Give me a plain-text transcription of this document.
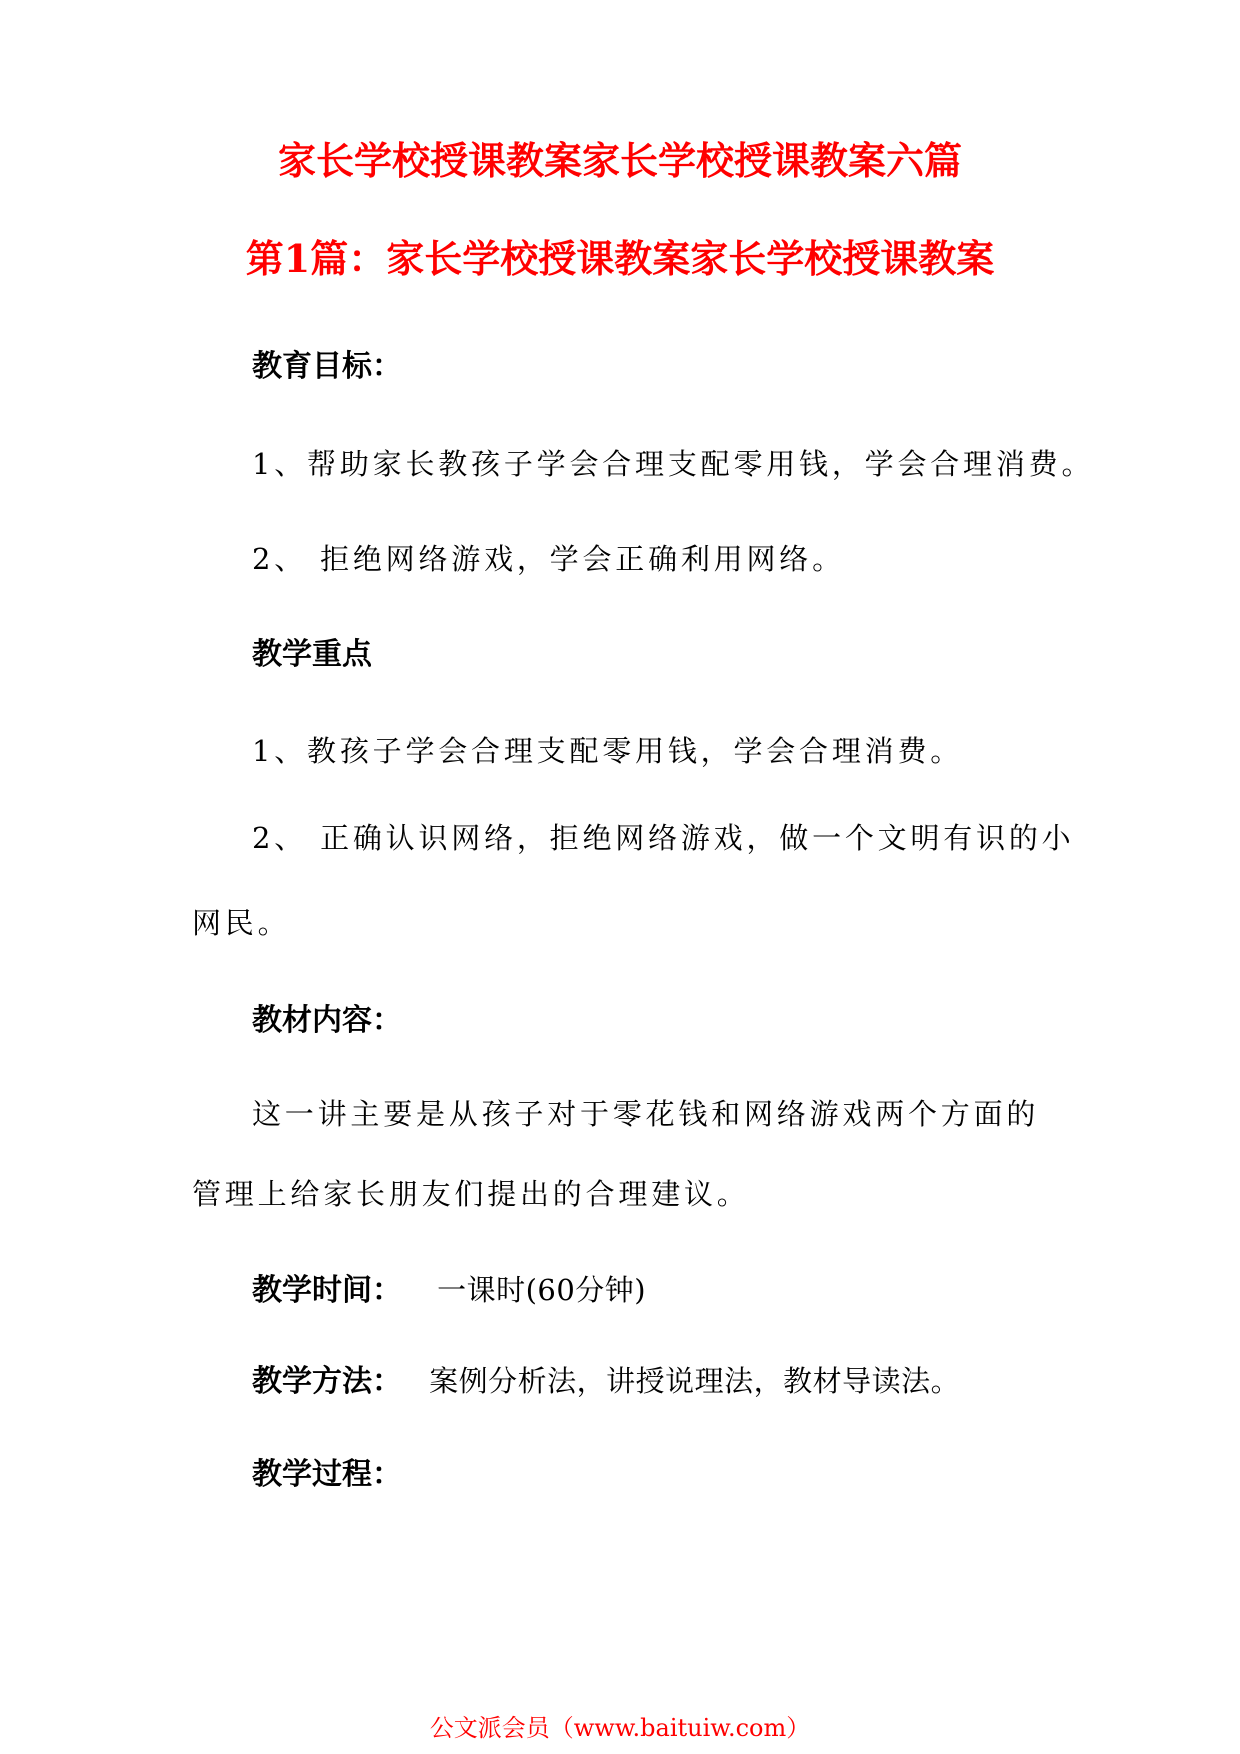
家长学校授课教案家长学校授课教案六篇
第1篇：家长学校授课教案家长学校授课教案
教育目标：
1、帮助家长教孩子学会合理支配零用钱，学会合理消费。
2、 拒绝网络游戏，学会正确利用网络。
教学重点
1、教孩子学会合理支配零用钱，学会合理消费。
2、 正确认识网络，拒绝网络游戏，做一个文明有识的小
网民。
教材内容：
这一讲主要是从孩子对于零花钱和网络游戏两个方面的
管理上给家长朋友们提出的合理建议。
教学时间： 一课时(60分钟)
教学方法： 案例分析法，讲授说理法，教材导读法。
教学过程：
公文派会员（www.baituiw.com）
